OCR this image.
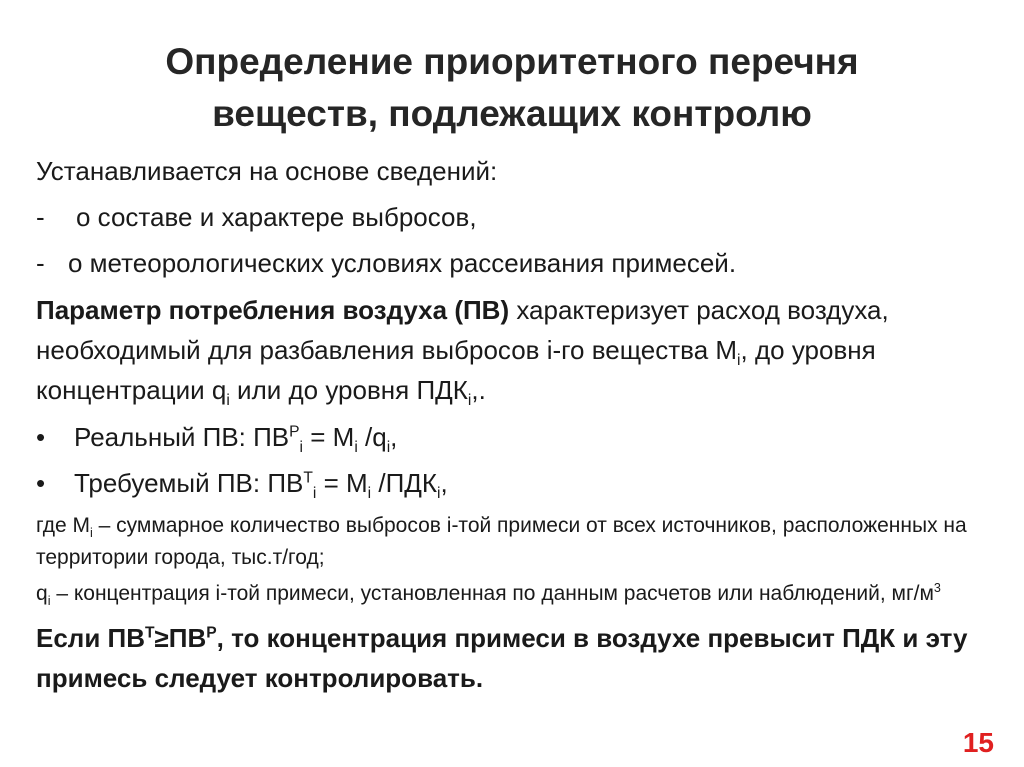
Определение приоритетного перечня
веществ, подлежащих контролю
Устанавливается на основе сведений:
-	о составе и характере выбросов,
- о метеорологических условиях рассеивания примесей.
Параметр потребления воздуха (ПВ) характеризует расход воздуха, необходимый для разбавления выбросов i-го вещества $М_i$, до уровня концентрации $q_i$ или до уровня $ПДК_i$,.
•	Реальный ПВ: $ПВ^Р_i = M_i$ $/q_i$,
•	Требуемый ПВ: $ПВ^Т_i = M_i$ $/ПДК_i$,
где $M_i$ – суммарное количество выбросов i-той примеси от всех источников, расположенных на территории города, тыс.т/год;
$q_i$ – концентрация i-той примеси, установленная по данным расчетов или наблюдений, $мг/м^3$
Если $ПВ^Т\ge ПВ^Р$, то концентрация примеси в воздухе превысит ПДК и эту примесь следует контролировать.
15
